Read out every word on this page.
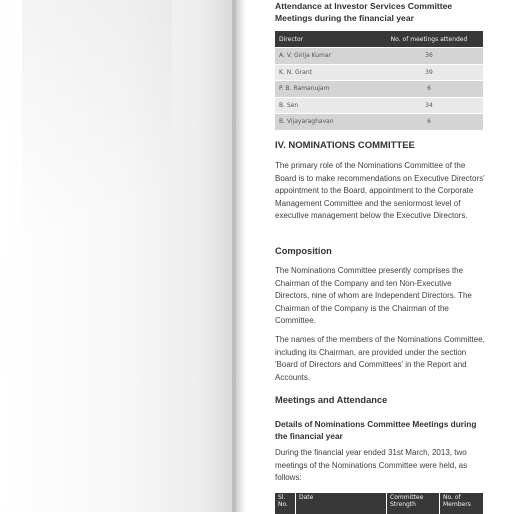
Attendance at Investor Services Committee Meetings during the financial year

Director	No. of meetings attended
A. V. Girija Kumar	36
K. N. Grant	39
P. B. Ramanujam	6
B. Sen	34
B. Vijayaraghavan	6
IV. NOMINATIONS COMMITTEE

The primary role of the Nominations Committee of the Board is to make recommendations on Executive Directors' appointment to the Board, appointment to the Corporate Management Committee and the seniormost level of executive management below the Executive Directors.

Composition

The Nominations Committee presently comprises the Chairman of the Company and ten Non-Executive Directors, nine of whom are Independent Directors. The Chairman of the Company is the Chairman of the Committee.

The names of the members of the Nominations Committee, including its Chairman, are provided under the section 'Board of Directors and Committees' in the Report and Accounts.

Meetings and Attendance

Details of Nominations Committee Meetings during the financial year

During the financial year ended 31st March, 2013, two meetings of the Nominations Committee were held, as follows:

Sl. No.	Date	Committee Strength	No. of Members
